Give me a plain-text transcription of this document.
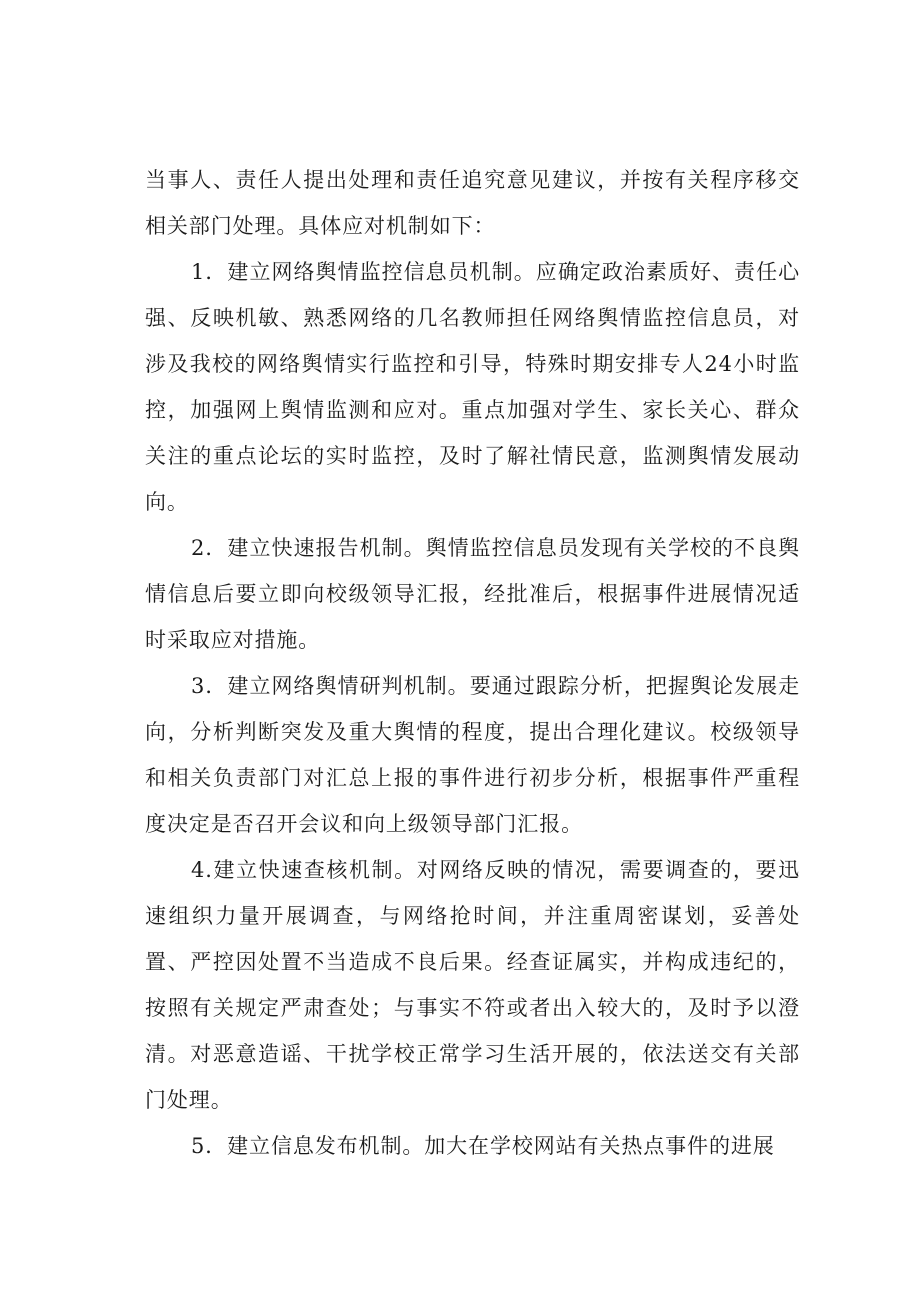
当事人、责任人提出处理和责任追究意见建议，并按有关程序移交相关部门处理。具体应对机制如下：

1．建立网络舆情监控信息员机制。应确定政治素质好、责任心强、反映机敏、熟悉网络的几名教师担任网络舆情监控信息员，对涉及我校的网络舆情实行监控和引导，特殊时期安排专人24小时监控，加强网上舆情监测和应对。重点加强对学生、家长关心、群众关注的重点论坛的实时监控，及时了解社情民意，监测舆情发展动向。

2．建立快速报告机制。舆情监控信息员发现有关学校的不良舆情信息后要立即向校级领导汇报，经批准后，根据事件进展情况适时采取应对措施。

3．建立网络舆情研判机制。要通过跟踪分析，把握舆论发展走向，分析判断突发及重大舆情的程度，提出合理化建议。校级领导和相关负责部门对汇总上报的事件进行初步分析，根据事件严重程度决定是否召开会议和向上级领导部门汇报。

4.建立快速查核机制。对网络反映的情况，需要调查的，要迅速组织力量开展调查，与网络抢时间，并注重周密谋划，妥善处置、严控因处置不当造成不良后果。经查证属实，并构成违纪的，按照有关规定严肃查处；与事实不符或者出入较大的，及时予以澄清。对恶意造谣、干扰学校正常学习生活开展的，依法送交有关部门处理。

5．建立信息发布机制。加大在学校网站有关热点事件的进展
